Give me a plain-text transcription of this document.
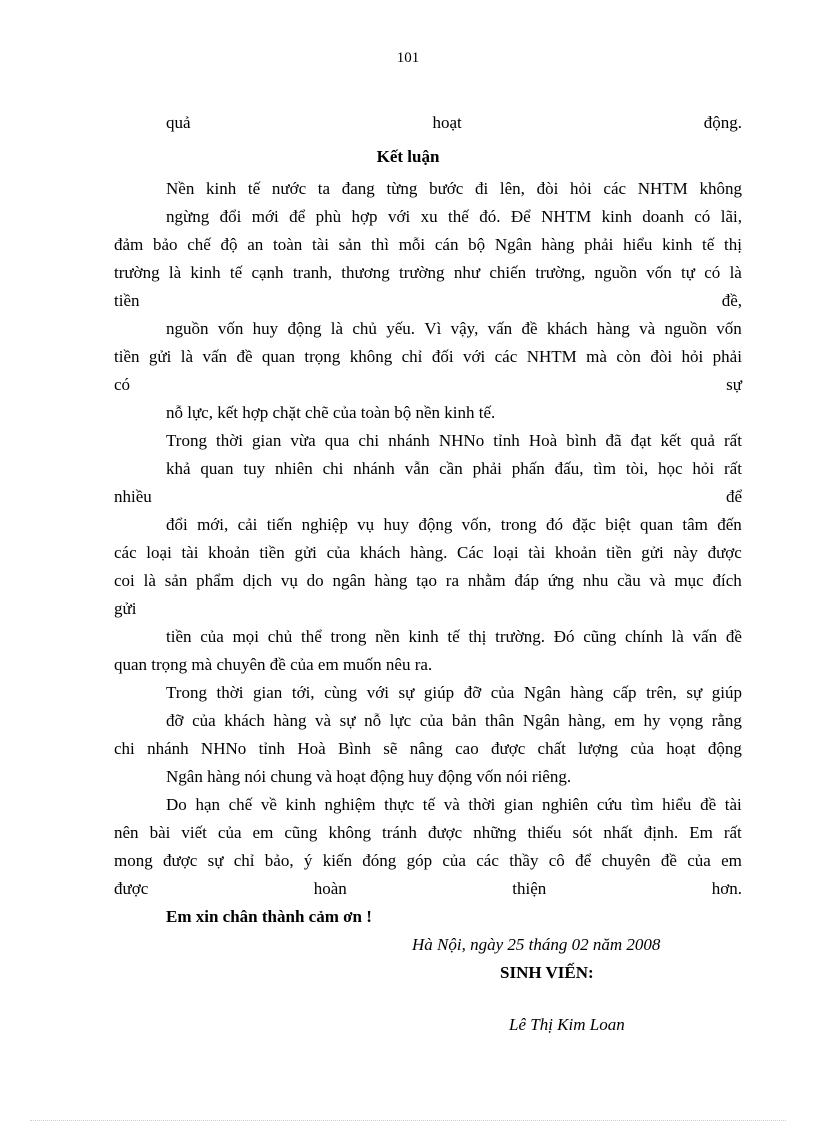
101
quả	hoạt	động.
Kết luận
Nền kinh tế nước ta đang từng bước đi lên, đòi hỏi các NHTM không
ngừng đổi mới để phù hợp với xu thế đó. Để NHTM kinh doanh có lãi,
đảm bảo chế độ an toàn tài sản thì mỗi cán bộ Ngân hàng phải hiểu kinh tế thị
trường là kinh tế cạnh tranh, thương trường như chiến trường, nguồn vốn tự có là
tiền	đề,
nguồn vốn huy động là chủ yếu. Vì vậy, vấn đề khách hàng và nguồn vốn
tiền gửi là vấn đề quan trọng không chỉ đối với các NHTM mà còn đòi hỏi phải
có	sự
nỗ lực, kết hợp chặt chẽ của toàn bộ nền kinh tế.
Trong thời gian vừa qua chi nhánh NHNo tỉnh Hoà bình đã đạt kết quả rất
khả quan tuy nhiên chi nhánh vẫn cần phải phấn đấu, tìm tòi, học hỏi rất
nhiều	để
đổi mới, cải tiến nghiệp vụ huy động vốn, trong đó đặc biệt quan tâm đến
các loại tài khoản tiền gửi của khách hàng. Các loại tài khoản tiền gửi này được
coi là sản phẩm dịch vụ do ngân hàng tạo ra nhằm đáp ứng nhu cầu và mục đích
gửi
tiền của mọi chủ thể trong nền kinh tế thị trường. Đó cũng chính là vấn đề
quan trọng mà chuyên đề của em muốn nêu ra.
Trong thời gian tới, cùng với sự giúp đỡ của Ngân hàng cấp trên, sự giúp
đỡ của khách hàng và sự nỗ lực của bản thân Ngân hàng, em hy vọng rằng
chi nhánh NHNo tỉnh Hoà Bình sẽ nâng cao được chất lượng của hoạt động
Ngân hàng nói chung và hoạt động huy động vốn nói riêng.
Do hạn chế về kinh nghiệm thực tế và thời gian nghiên cứu tìm hiểu đề tài
nên bài viết của em cũng không tránh được những thiếu sót nhất định. Em rất
mong được sự chỉ bảo, ý kiến đóng góp của các thầy cô để chuyên đề của em
được	hoàn	thiện	hơn.
Em xin chân thành cảm ơn !
Hà Nội, ngày 25 tháng 02 năm 2008
SINH VIẾN:
Lê Thị Kim Loan
